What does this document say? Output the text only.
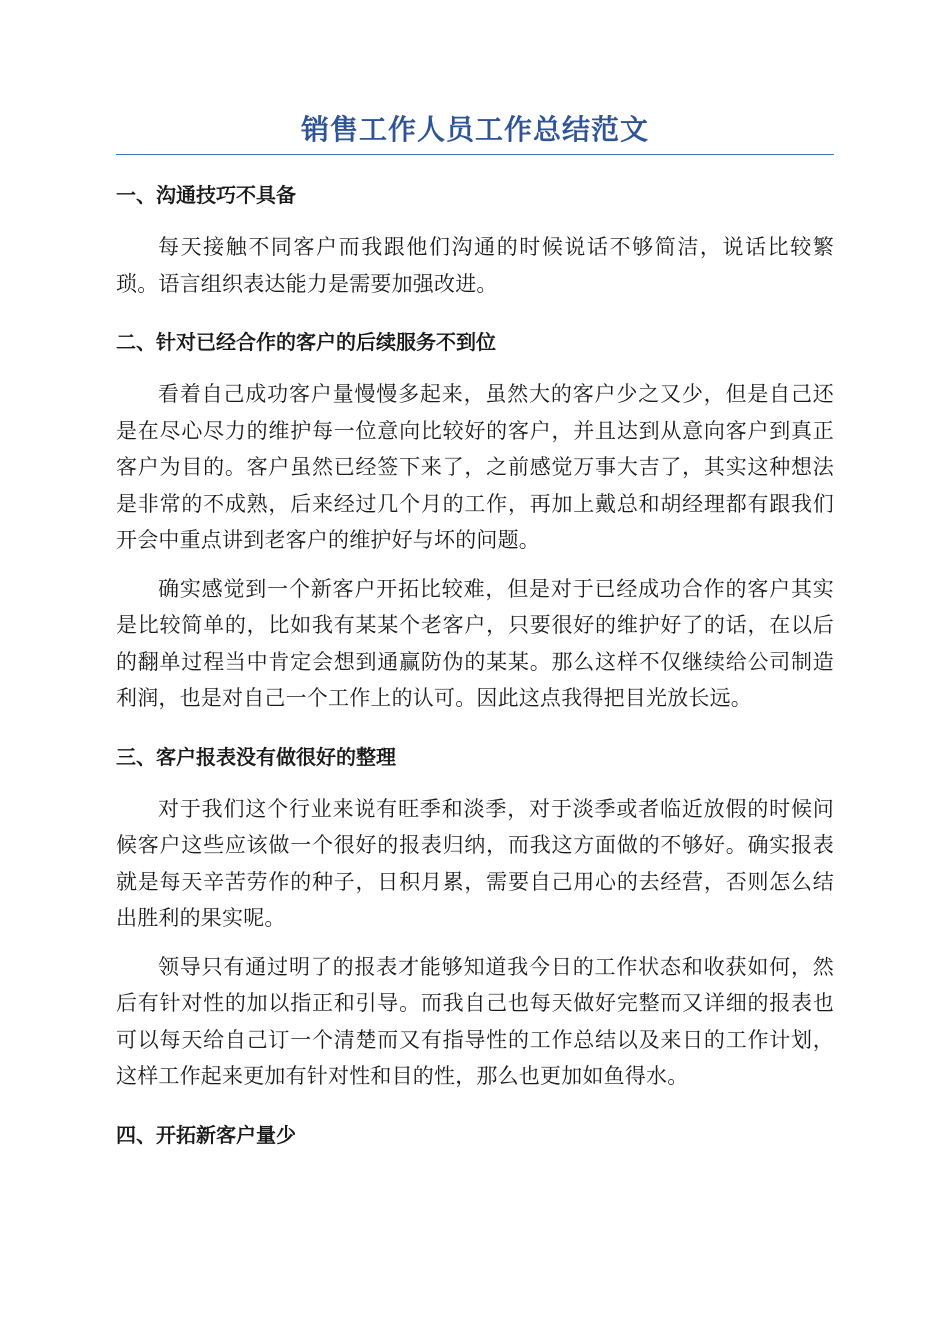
销售工作人员工作总结范文
一、沟通技巧不具备

每天接触不同客户而我跟他们沟通的时候说话不够简洁，说话比较繁琐。语言组织表达能力是需要加强改进。

二、针对已经合作的客户的后续服务不到位

看着自己成功客户量慢慢多起来，虽然大的客户少之又少，但是自己还是在尽心尽力的维护每一位意向比较好的客户，并且达到从意向客户到真正客户为目的。客户虽然已经签下来了，之前感觉万事大吉了，其实这种想法是非常的不成熟，后来经过几个月的工作，再加上戴总和胡经理都有跟我们开会中重点讲到老客户的维护好与坏的问题。

确实感觉到一个新客户开拓比较难，但是对于已经成功合作的客户其实是比较简单的，比如我有某某个老客户，只要很好的维护好了的话，在以后的翻单过程当中肯定会想到通赢防伪的某某。那么这样不仅继续给公司制造利润，也是对自己一个工作上的认可。因此这点我得把目光放长远。

三、客户报表没有做很好的整理

对于我们这个行业来说有旺季和淡季，对于淡季或者临近放假的时候问候客户这些应该做一个很好的报表归纳，而我这方面做的不够好。确实报表就是每天辛苦劳作的种子，日积月累，需要自己用心的去经营，否则怎么结出胜利的果实呢。

领导只有通过明了的报表才能够知道我今日的工作状态和收获如何，然后有针对性的加以指正和引导。而我自己也每天做好完整而又详细的报表也可以每天给自己订一个清楚而又有指导性的工作总结以及来日的工作计划，这样工作起来更加有针对性和目的性，那么也更加如鱼得水。

四、开拓新客户量少
